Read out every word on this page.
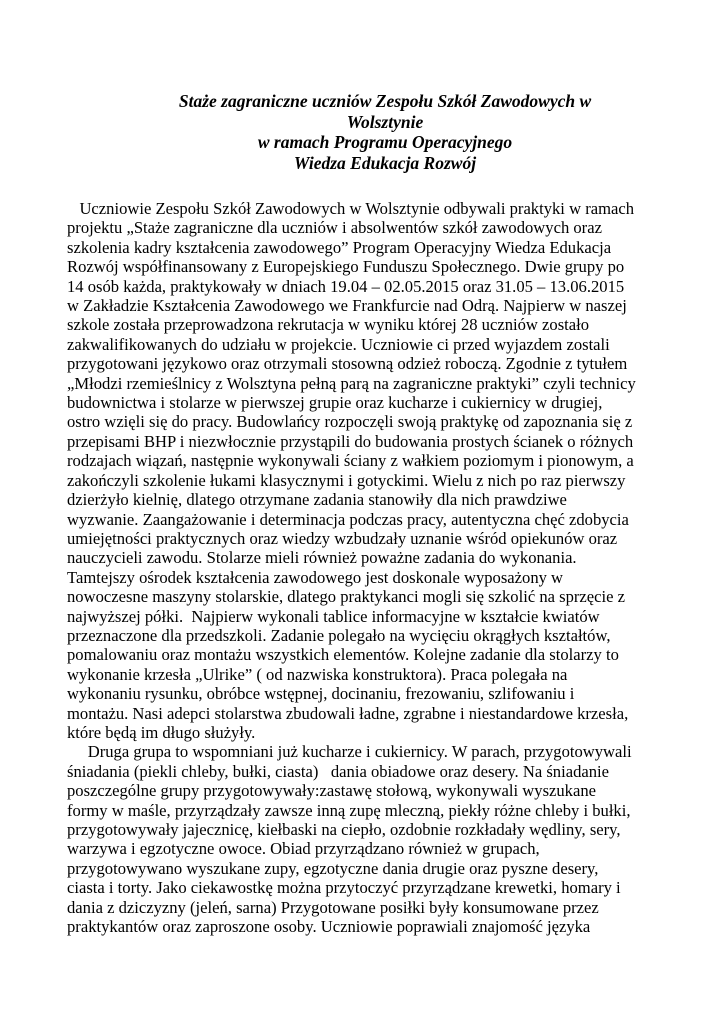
Staże zagraniczne uczniów Zespołu Szkół Zawodowych w
Wolsztynie
w ramach Programu Operacyjnego
Wiedza Edukacja Rozwój
Uczniowie Zespołu Szkół Zawodowych w Wolsztynie odbywali praktyki w ramach
projektu „Staże zagraniczne dla uczniów i absolwentów szkół zawodowych oraz
szkolenia kadry kształcenia zawodowego” Program Operacyjny Wiedza Edukacja
Rozwój współfinansowany z Europejskiego Funduszu Społecznego. Dwie grupy po
14 osób każda, praktykowały w dniach 19.04 – 02.05.2015 oraz 31.05 – 13.06.2015
w Zakładzie Kształcenia Zawodowego we Frankfurcie nad Odrą. Najpierw w naszej
szkole została przeprowadzona rekrutacja w wyniku której 28 uczniów zostało
zakwalifikowanych do udziału w projekcie. Uczniowie ci przed wyjazdem zostali
przygotowani językowo oraz otrzymali stosowną odzież roboczą. Zgodnie z tytułem
„Młodzi rzemieślnicy z Wolsztyna pełną parą na zagraniczne praktyki” czyli technicy
budownictwa i stolarze w pierwszej grupie oraz kucharze i cukiernicy w drugiej,
ostro wzięli się do pracy. Budowlańcy rozpoczęli swoją praktykę od zapoznania się z
przepisami BHP i niezwłocznie przystąpili do budowania prostych ścianek o różnych
rodzajach wiązań, następnie wykonywali ściany z wałkiem poziomym i pionowym, a
zakończyli szkolenie łukami klasycznymi i gotyckimi. Wielu z nich po raz pierwszy
dzierżyło kielnię, dlatego otrzymane zadania stanowiły dla nich prawdziwe
wyzwanie. Zaangażowanie i determinacja podczas pracy, autentyczna chęć zdobycia
umiejętności praktycznych oraz wiedzy wzbudzały uznanie wśród opiekunów oraz
nauczycieli zawodu. Stolarze mieli również poważne zadania do wykonania.
Tamtejszy ośrodek kształcenia zawodowego jest doskonale wyposażony w
nowoczesne maszyny stolarskie, dlatego praktykanci mogli się szkolić na sprzęcie z
najwyższej półki.  Najpierw wykonali tablice informacyjne w kształcie kwiatów
przeznaczone dla przedszkoli. Zadanie polegało na wycięciu okrągłych kształtów,
pomalowaniu oraz montażu wszystkich elementów. Kolejne zadanie dla stolarzy to
wykonanie krzesła „Ulrike” ( od nazwiska konstruktora). Praca polegała na
wykonaniu rysunku, obróbce wstępnej, docinaniu, frezowaniu, szlifowaniu i
montażu. Nasi adepci stolarstwa zbudowali ładne, zgrabne i niestandardowe krzesła,
które będą im długo służyły.
Druga grupa to wspomniani już kucharze i cukiernicy. W parach, przygotowywali
śniadania (piekli chleby, bułki, ciasta)   dania obiadowe oraz desery. Na śniadanie
poszczególne grupy przygotowywały:zastawę stołową, wykonywali wyszukane
formy w maśle, przyrządzały zawsze inną zupę mleczną, piekły różne chleby i bułki,
przygotowywały jajecznicę, kiełbaski na ciepło, ozdobnie rozkładały wędliny, sery,
warzywa i egzotyczne owoce. Obiad przyrządzano również w grupach,
przygotowywano wyszukane zupy, egzotyczne dania drugie oraz pyszne desery,
ciasta i torty. Jako ciekawostkę można przytoczyć przyrządzane krewetki, homary i
dania z dziczyzny (jeleń, sarna) Przygotowane posiłki były konsumowane przez
praktykantów oraz zaproszone osoby. Uczniowie poprawiali znajomość języka
